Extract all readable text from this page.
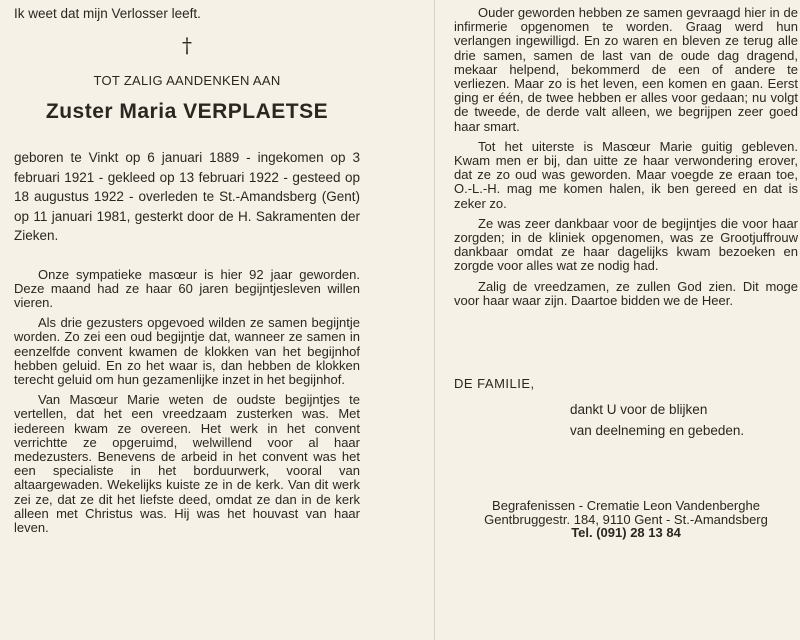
Ik weet dat mijn Verlosser leeft.

†
TOT ZALIG AANDENKEN AAN
Zuster Maria VERPLAETSE
geboren te Vinkt op 6 januari 1889 - ingekomen op 3 februari 1921 - gekleed op 13 februari 1922 - gesteed op 18 augustus 1922 - overleden te St.-Amandsberg (Gent) op 11 januari 1981, gesterkt door de H. Sakramenten der Zieken.

Onze sympatieke masœur is hier 92 jaar geworden. Deze maand had ze haar 60 jaren begijntjesleven willen vieren.

Als drie gezusters opgevoed wilden ze samen begijntje worden. Zo zei een oud begijntje dat, wanneer ze samen in eenzelfde convent kwamen de klokken van het begijnhof hebben geluid. En zo het waar is, dan hebben de klokken terecht geluid om hun gezamenlijke inzet in het begijnhof.

Van Masœur Marie weten de oudste begijntjes te vertellen, dat het een vreedzaam zusterken was. Met iedereen kwam ze overeen. Het werk in het convent verrichtte ze opgeruimd, welwillend voor al haar medezusters. Benevens de arbeid in het convent was het een specialiste in het borduurwerk, vooral van altaargewaden. Wekelijks kuiste ze in de kerk. Van dit werk zei ze, dat ze dit het liefste deed, omdat ze dan in de kerk alleen met Christus was. Hij was het houvast van haar leven.

Ouder geworden hebben ze samen gevraagd hier in de infirmerie opgenomen te worden. Graag werd hun verlangen ingewilligd. En zo waren en bleven ze terug alle drie samen, samen de last van de oude dag dragend, mekaar helpend, bekommerd de een of andere te verliezen. Maar zo is het leven, een komen en gaan. Eerst ging er één, de twee hebben er alles voor gedaan; nu volgt de tweede, de derde valt alleen, we begrijpen zeer goed haar smart.

Tot het uiterste is Masœur Marie guitig gebleven. Kwam men er bij, dan uitte ze haar verwondering erover, dat ze zo oud was geworden. Maar voegde ze eraan toe, O.-L.-H. mag me komen halen, ik ben gereed en dat is zeker zo.

Ze was zeer dankbaar voor de begijntjes die voor haar zorgden; in de kliniek opgenomen, was ze Grootjuffrouw dankbaar omdat ze haar dagelijks kwam bezoeken en zorgde voor alles wat ze nodig had.

Zalig de vreedzamen, ze zullen God zien. Dit moge voor haar waar zijn. Daartoe bidden we de Heer.

DE FAMILIE,
dankt U voor de blijken
van deelneming en gebeden.
Begrafenissen - Crematie Leon Vandenberghe
Gentbruggestr. 184, 9110 Gent - St.-Amandsberg
Tel. (091) 28 13 84
